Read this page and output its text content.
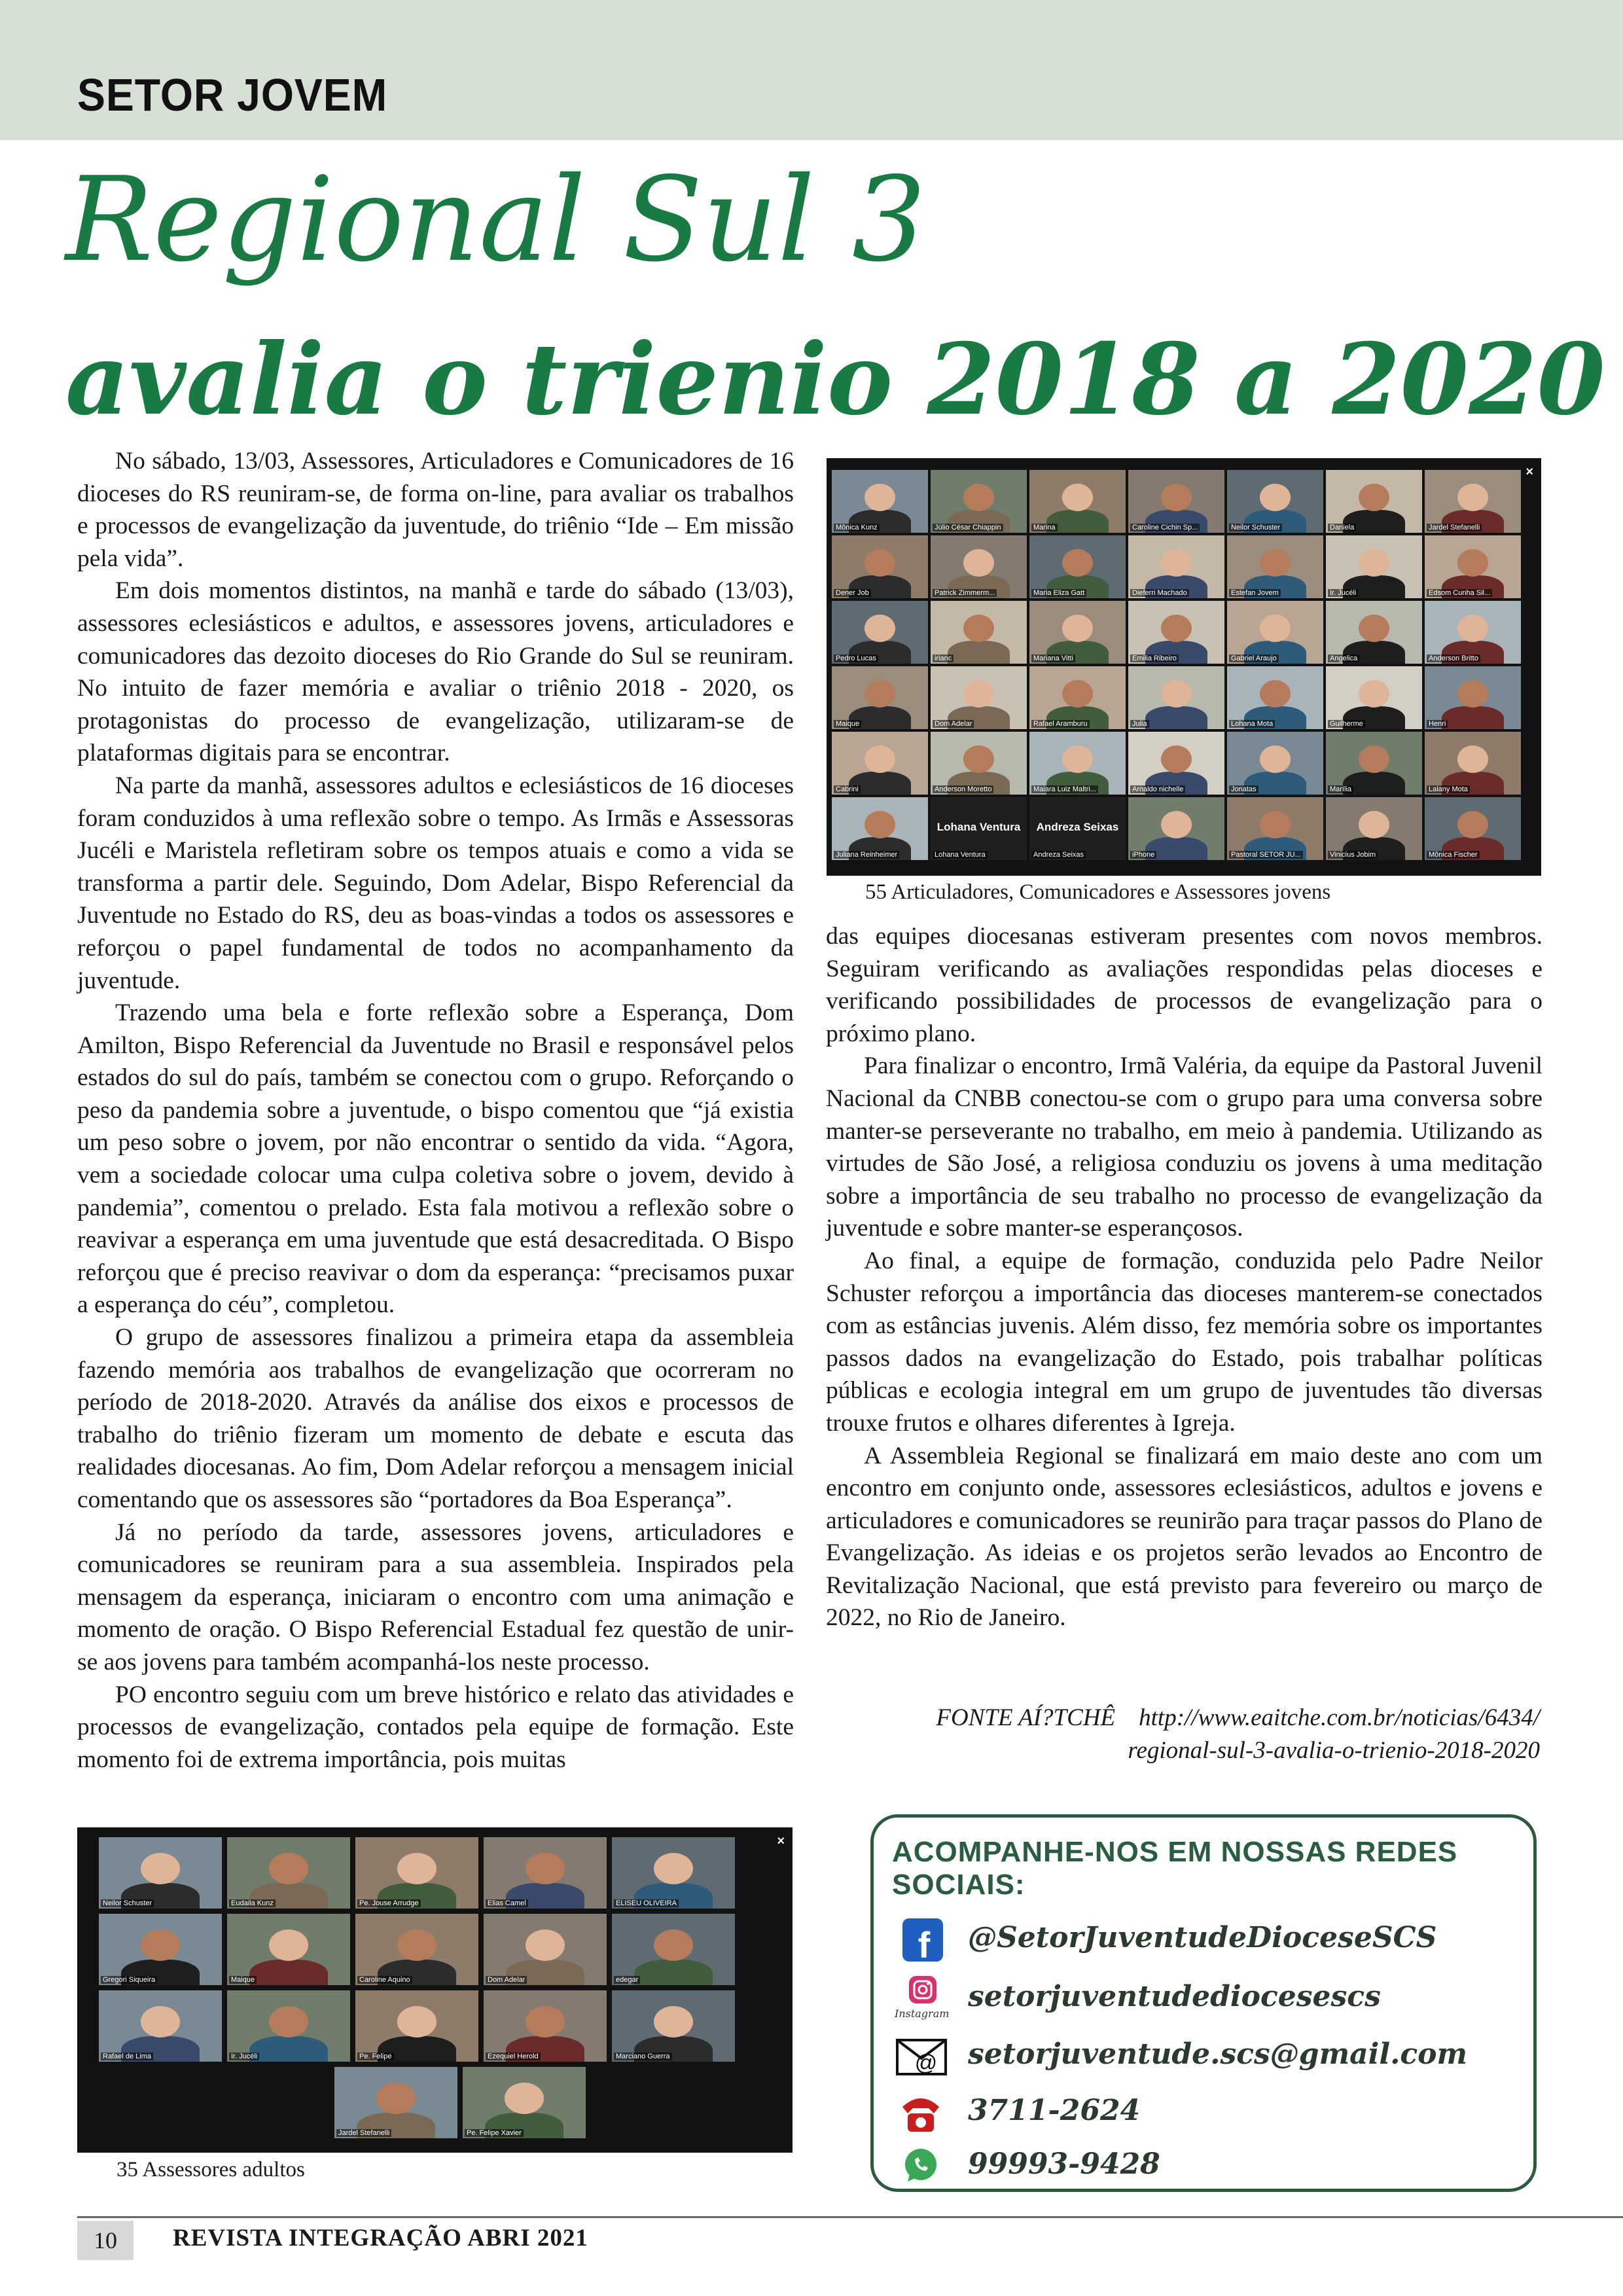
SETOR JOVEM
Regional Sul 3
avalia o trienio 2018 a 2020

No sábado, 13/03, Assessores, Articuladores e Comunicadores de 16 dioceses do RS reuniram-se, de forma on-line, para avaliar os trabalhos e processos de evangelização da juventude, do triênio “Ide – Em missão pela vida”.

Em dois momentos distintos, na manhã e tarde do sábado (13/03), assessores eclesiásticos e adultos, e assessores jovens, articuladores e comunicadores das dezoito dioceses do Rio Grande do Sul se reuniram. No intuito de fazer memória e avaliar o triênio 2018 - 2020, os protagonistas do processo de evangelização, utilizaram-se de plataformas digitais para se encontrar.

Na parte da manhã, assessores adultos e eclesiásticos de 16 dioceses foram conduzidos à uma reflexão sobre o tempo. As Irmãs e Assessoras Jucéli e Maristela refletiram sobre os tempos atuais e como a vida se transforma a partir dele. Seguindo, Dom Adelar, Bispo Referencial da Juventude no Estado do RS, deu as boas-vindas a todos os assessores e reforçou o papel fundamental de todos no acompanhamento da juventude.

Trazendo uma bela e forte reflexão sobre a Esperança, Dom Amilton, Bispo Referencial da Juventude no Brasil e responsável pelos estados do sul do país, também se conectou com o grupo. Reforçando o peso da pandemia sobre a juventude, o bispo comentou que “já existia um peso sobre o jovem, por não encontrar o sentido da vida. “Agora, vem a sociedade colocar uma culpa coletiva sobre o jovem, devido à pandemia”, comentou o prelado. Esta fala motivou a reflexão sobre o reavivar a esperança em uma juventude que está desacreditada. O Bispo reforçou que é preciso reavivar o dom da esperança: “precisamos puxar a esperança do céu”, completou.

O grupo de assessores finalizou a primeira etapa da assembleia fazendo memória aos trabalhos de evangelização que ocorreram no período de 2018-2020. Através da análise dos eixos e processos de trabalho do triênio fizeram um momento de debate e escuta das realidades diocesanas. Ao fim, Dom Adelar reforçou a mensagem inicial comentando que os assessores são “portadores da Boa Esperança”.

Já no período da tarde, assessores jovens, articuladores e comunicadores se reuniram para a sua assembleia. Inspirados pela mensagem da esperança, iniciaram o encontro com uma animação e momento de oração. O Bispo Referencial Estadual fez questão de unir-se aos jovens para também acompanhá-los neste processo.

PO encontro seguiu com um breve histórico e relato das atividades e processos de evangelização, contados pela equipe de formação. Este momento foi de extrema importância, pois muitas

×
Mônica Kunz	Júlio César Chiappin	Marina	Caroline Cichin Sp...	Neilor Schuster	Daniela	Jardel Stefanelli
Dener Job	Patrick Zimmerm...	Maria Eliza Gatt	Dieferri Machado	Estefan Jovem	Ir. Jucéli	Edsom Cunha Sil...
Pedro Lucas	irianc	Mariana Vitti	Emilia Ribeiro	Gabriel Araujo	Angelica	Anderson Britto
Maique	Dom Adelar	Rafael Aramburu	Julia	Lohana Mota	Guilherme	Henri
Cabrini	Anderson Moretto	Maiara Luiz Maltri...	Arnaldo nichelle	Jonatas	Marília	Lalany Mota
Juliana Reinheimer
Lohana Ventura
Lohana Ventura
Andreza Seixas
Andreza Seixas	iPhone	Pastoral SETOR JU...	Vinicius Jobim	Mônica Fischer
55 Articuladores, Comunicadores e Assessores jovens

das equipes diocesanas estiveram presentes com novos membros. Seguiram verificando as avaliações respondidas pelas dioceses e verificando possibilidades de processos de evangelização para o próximo plano.

Para finalizar o encontro, Irmã Valéria, da equipe da Pastoral Juvenil Nacional da CNBB conectou-se com o grupo para uma conversa sobre manter-se perseverante no trabalho, em meio à pandemia. Utilizando as virtudes de São José, a religiosa conduziu os jovens à uma meditação sobre a importância de seu trabalho no processo de evangelização da juventude e sobre manter-se esperançosos.

Ao final, a equipe de formação, conduzida pelo Padre Neilor Schuster reforçou a importância das dioceses manterem-se conectados com as estâncias juvenis. Além disso, fez memória sobre os importantes passos dados na evangelização do Estado, pois trabalhar políticas públicas e ecologia integral em um grupo de juventudes tão diversas trouxe frutos e olhares diferentes à Igreja.

A Assembleia Regional se finalizará em maio deste ano com um encontro em conjunto onde, assessores eclesiásticos, adultos e jovens e articuladores e comunicadores se reunirão para traçar passos do Plano de Evangelização. As ideias e os projetos serão levados ao Encontro de Revitalização Nacional, que está previsto para fevereiro ou março de 2022, no Rio de Janeiro.

FONTE AÍ?TCHÊ http://www.eaitche.com.br/noticias/6434/
regional-sul-3-avalia-o-trienio-2018-2020
×
Neilor Schuster	Eudaila Kunz	Pe. Jouse Arrudge	Elias Camel	ELISEU OLIVEIRA
Gregori Siqueira	Maique	Caroline Aquino	Dom Adelar	edegar
Rafael de Lima	Ir. Jucéli	Pe. Felipe	Ezequiel Herold	Marciano Guerra
Jardel Stefanelli	Pe. Felipe Xavier
35 Assessores adultos
ACOMPANHE-NOS EM NOSSAS REDES SOCIAIS:
f @SetorJuventudeDioceseSCS
Instagram
setorjuventudediocesescs
@ setorjuventude.scs@gmail.com
3711-2624
99993-9428
10	REVISTA INTEGRAÇÃO ABRI 2021
